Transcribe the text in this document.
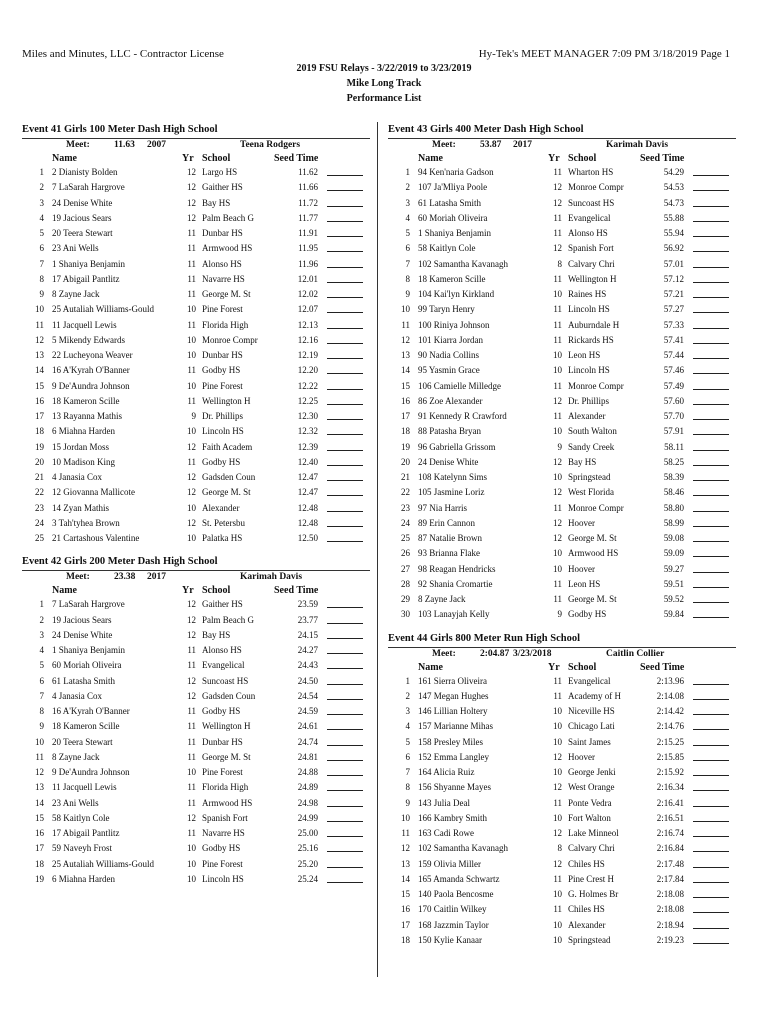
Miles and Minutes, LLC - Contractor License	Hy-Tek's MEET MANAGER 7:09 PM 3/18/2019 Page 1
2019 FSU Relays - 3/22/2019 to 3/23/2019
Mike Long Track
Performance List
Event 41 Girls 100 Meter Dash High School
Meet:	11.63 2007	Teena Rodgers
Name	Yr School	Seed Time
1 2 Dianisty Bolden	12 Largo HS	11.62
2 7 LaSarah Hargrove	12 Gaither HS	11.66
3 24 Denise White	12 Bay HS	11.72
4 19 Jacious Sears	12 Palm Beach G	11.77
5 20 Teera Stewart	11 Dunbar HS	11.91
6 23 Ani Wells	11 Armwood HS	11.95
7 1 Shaniya Benjamin	11 Alonso HS	11.96
8 17 Abigail Pantlitz	11 Navarre HS	12.01
9 8 Zayne Jack	11 George M. St	12.02
10 25 Autaliah Williams-Gould	10 Pine Forest	12.07
11 11 Jacquell Lewis	11 Florida High	12.13
12 5 Mikendy Edwards	10 Monroe Compr	12.16
13 22 Lucheyona Weaver	10 Dunbar HS	12.19
14 16 A'Kyrah O'Banner	11 Godby HS	12.20
15 9 De'Aundra Johnson	10 Pine Forest	12.22
16 18 Kameron Scille	11 Wellington H	12.25
17 13 Rayanna Mathis	9 Dr. Phillips	12.30
18 6 Miahna Harden	10 Lincoln HS	12.32
19 15 Jordan Moss	12 Faith Academ	12.39
20 10 Madison King	11 Godby HS	12.40
21 4 Janasia Cox	12 Gadsden Coun	12.47
22 12 Giovanna Mallicote	12 George M. St	12.47
23 14 Zyan Mathis	10 Alexander	12.48
24 3 Tah'tyhea Brown	12 St. Petersbu	12.48
25 21 Cartashous Valentine	10 Palatka HS	12.50
Event 42 Girls 200 Meter Dash High School
Meet:	23.38 2017	Karimah Davis
Name	Yr School	Seed Time
1 7 LaSarah Hargrove	12 Gaither HS	23.59
2 19 Jacious Sears	12 Palm Beach G	23.77
3 24 Denise White	12 Bay HS	24.15
4 1 Shaniya Benjamin	11 Alonso HS	24.27
5 60 Moriah Oliveira	11 Evangelical	24.43
6 61 Latasha Smith	12 Suncoast HS	24.50
7 4 Janasia Cox	12 Gadsden Coun	24.54
8 16 A'Kyrah O'Banner	11 Godby HS	24.59
9 18 Kameron Scille	11 Wellington H	24.61
10 20 Teera Stewart	11 Dunbar HS	24.74
11 8 Zayne Jack	11 George M. St	24.81
12 9 De'Aundra Johnson	10 Pine Forest	24.88
13 11 Jacquell Lewis	11 Florida High	24.89
14 23 Ani Wells	11 Armwood HS	24.98
15 58 Kaitlyn Cole	12 Spanish Fort	24.99
16 17 Abigail Pantlitz	11 Navarre HS	25.00
17 59 Naveyh Frost	10 Godby HS	25.16
18 25 Autaliah Williams-Gould	10 Pine Forest	25.20
19 6 Miahna Harden	10 Lincoln HS	25.24
Event 43 Girls 400 Meter Dash High School
Meet:	53.87 2017	Karimah Davis
Name	Yr School	Seed Time
1 94 Ken'naria Gadson	11 Wharton HS	54.29
2 107 Ja'Mliya Poole	12 Monroe Compr	54.53
3 61 Latasha Smith	12 Suncoast HS	54.73
4 60 Moriah Oliveira	11 Evangelical	55.88
5 1 Shaniya Benjamin	11 Alonso HS	55.94
6 58 Kaitlyn Cole	12 Spanish Fort	56.92
7 102 Samantha Kavanagh	8 Calvary Chri	57.01
8 18 Kameron Scille	11 Wellington H	57.12
9 104 Kai'lyn Kirkland	10 Raines HS	57.21
10 99 Taryn Henry	11 Lincoln HS	57.27
11 100 Riniya Johnson	11 Auburndale H	57.33
12 101 Kiarra Jordan	11 Rickards HS	57.41
13 90 Nadia Collins	10 Leon HS	57.44
14 95 Yasmin Grace	10 Lincoln HS	57.46
15 106 Camielle Milledge	11 Monroe Compr	57.49
16 86 Zoe Alexander	12 Dr. Phillips	57.60
17 91 Kennedy R Crawford	11 Alexander	57.70
18 88 Patasha Bryan	10 South Walton	57.91
19 96 Gabriella Grissom	9 Sandy Creek	58.11
20 24 Denise White	12 Bay HS	58.25
21 108 Katelynn Sims	10 Springstead	58.39
22 105 Jasmine Loriz	12 West Florida	58.46
23 97 Nia Harris	11 Monroe Compr	58.80
24 89 Erin Cannon	12 Hoover	58.99
25 87 Natalie Brown	12 George M. St	59.08
26 93 Brianna Flake	10 Armwood HS	59.09
27 98 Reagan Hendricks	10 Hoover	59.27
28 92 Shania Cromartie	11 Leon HS	59.51
29 8 Zayne Jack	11 George M. St	59.52
30 103 Lanayjah Kelly	9 Godby HS	59.84
Event 44 Girls 800 Meter Run High School
Meet:	2:04.87 3/23/2018	Caitlin Collier
Name	Yr School	Seed Time
1 161 Sierra Oliveira	11 Evangelical	2:13.96
2 147 Megan Hughes	11 Academy of H	2:14.08
3 146 Lillian Holtery	10 Niceville HS	2:14.42
4 157 Marianne Mihas	10 Chicago Lati	2:14.76
5 158 Presley Miles	10 Saint James	2:15.25
6 152 Emma Langley	12 Hoover	2:15.85
7 164 Alicia Ruiz	10 George Jenki	2:15.92
8 156 Shyanne Mayes	12 West Orange	2:16.34
9 143 Julia Deal	11 Ponte Vedra	2:16.41
10 166 Kambry Smith	10 Fort Walton	2:16.51
11 163 Cadi Rowe	12 Lake Minneol	2:16.74
12 102 Samantha Kavanagh	8 Calvary Chri	2:16.84
13 159 Olivia Miller	12 Chiles HS	2:17.48
14 165 Amanda Schwartz	11 Pine Crest H	2:17.84
15 140 Paola Bencosme	10 G. Holmes Br	2:18.08
16 170 Caitlin Wilkey	11 Chiles HS	2:18.08
17 168 Jazzmin Taylor	10 Alexander	2:18.94
18 150 Kylie Kanaar	10 Springstead	2:19.23
